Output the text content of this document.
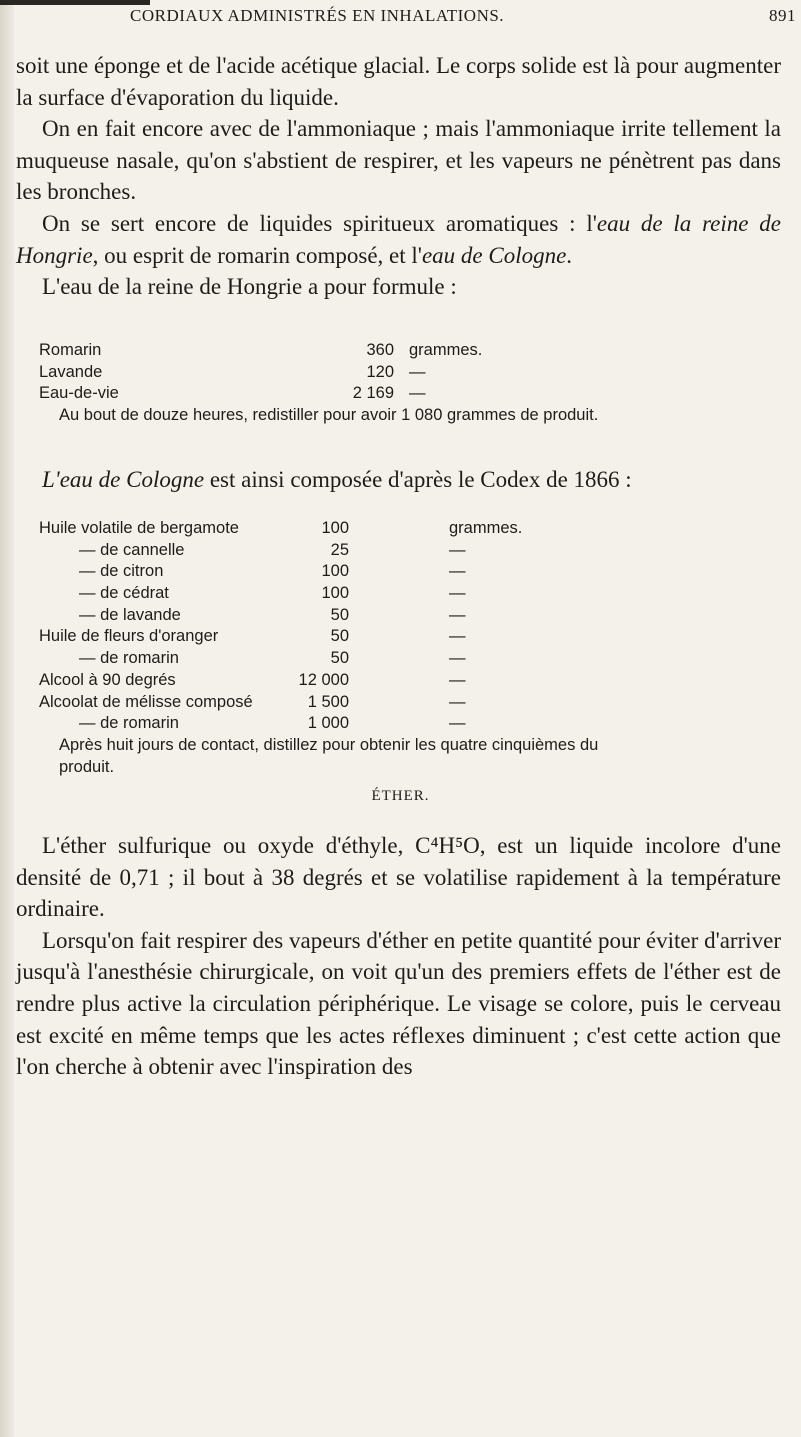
CORDIAUX ADMINISTRÉS EN INHALATIONS.	891

soit une éponge et de l'acide acétique glacial. Le corps solide est là pour augmenter la surface d'évaporation du liquide.

On en fait encore avec de l'ammoniaque ; mais l'ammoniaque irrite tellement la muqueuse nasale, qu'on s'abstient de respirer, et les vapeurs ne pénètrent pas dans les bronches.

On se sert encore de liquides spiritueux aromatiques : l'eau de la reine de Hongrie, ou esprit de romarin composé, et l'eau de Cologne.

L'eau de la reine de Hongrie a pour formule :

Romarin	360 grammes.
Lavande	120 —
Eau-de-vie	2 169 —
Au bout de douze heures, redistiller pour avoir 1 080 grammes de produit.

L'eau de Cologne est ainsi composée d'après le Codex de 1866 :

Huile volatile de bergamote	100	grammes.
— de cannelle	25	—
— de citron	100	—
— de cédrat	100	—
— de lavande	50	—
Huile de fleurs d'oranger	50	—
— de romarin	50	—
Alcool à 90 degrés	12 000	—
Alcoolat de mélisse composé	1 500	—
— de romarin	1 000	—
Après huit jours de contact, distillez pour obtenir les quatre cinquièmes du produit.
ÉTHER.

L'éther sulfurique ou oxyde d'éthyle, C⁴H⁵O, est un liquide incolore d'une densité de 0,71 ; il bout à 38 degrés et se volatilise rapidement à la température ordinaire.

Lorsqu'on fait respirer des vapeurs d'éther en petite quantité pour éviter d'arriver jusqu'à l'anesthésie chirurgicale, on voit qu'un des premiers effets de l'éther est de rendre plus active la circulation périphérique. Le visage se colore, puis le cerveau est excité en même temps que les actes réflexes diminuent ; c'est cette action que l'on cherche à obtenir avec l'inspiration des
